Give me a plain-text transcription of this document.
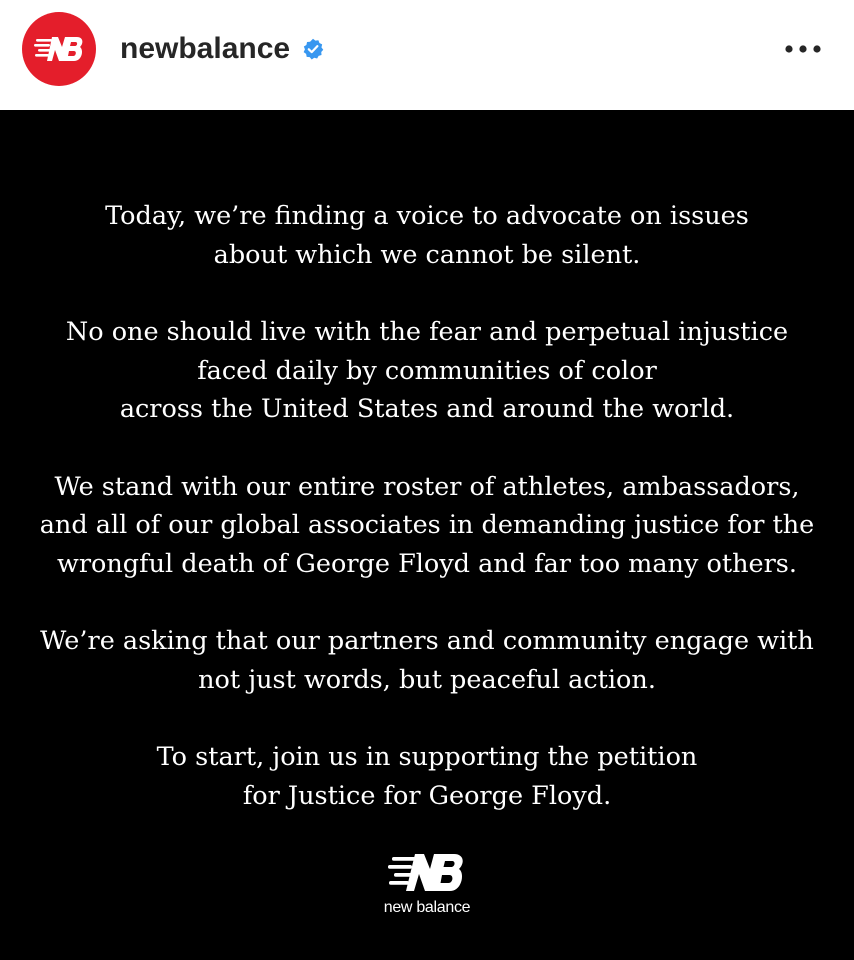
newbalance

Today, we’re finding a voice to advocate on issues
about which we cannot be silent.

No one should live with the fear and perpetual injustice
faced daily by communities of color
across the United States and around the world.

We stand with our entire roster of athletes, ambassadors,
and all of our global associates in demanding justice for the
wrongful death of George Floyd and far too many others.

We’re asking that our partners and community engage with
not just words, but peaceful action.

To start, join us in supporting the petition
for Justice for George Floyd.

new balance
